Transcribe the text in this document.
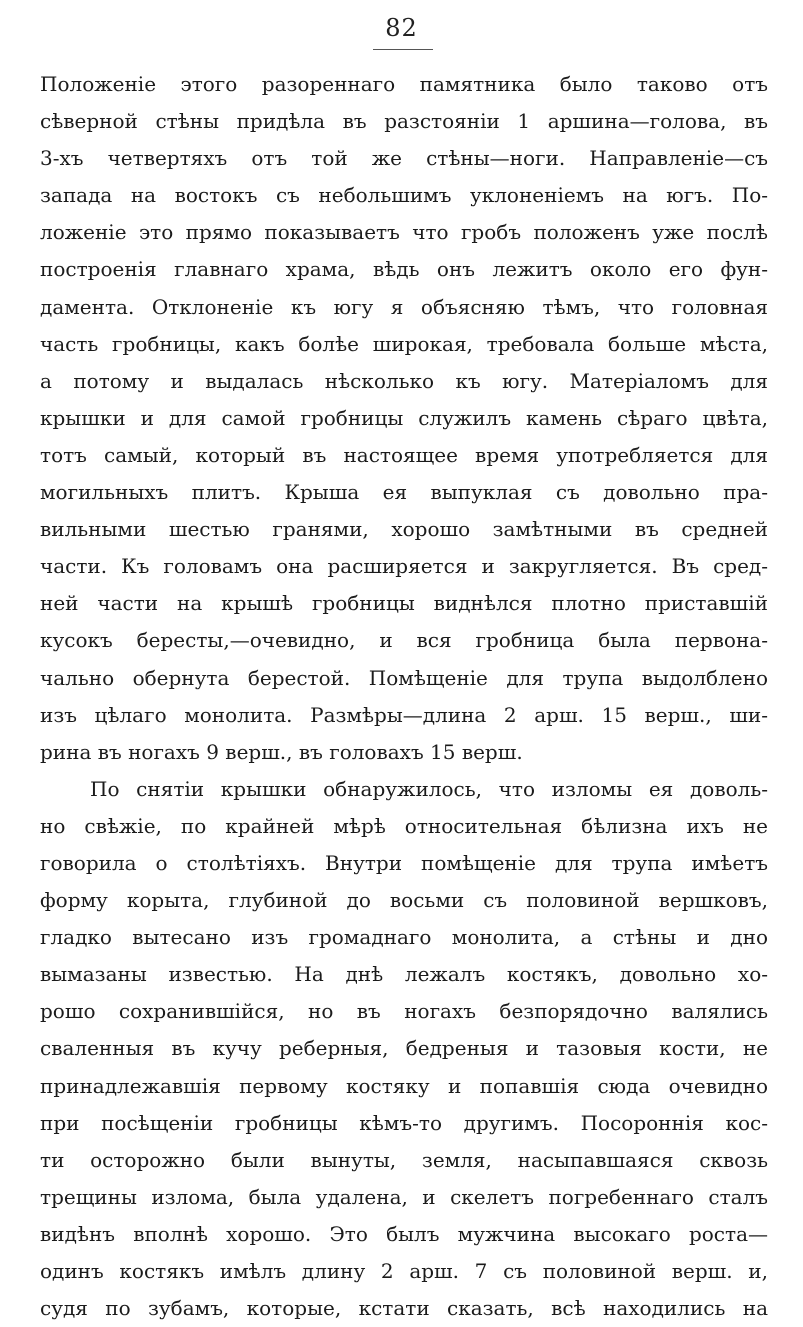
82
Положеніе этого разореннаго памятника было таково отъ
сѣверной стѣны придѣла въ разстояніи 1 аршина—голова, въ
3-хъ четвертяхъ отъ той же стѣны—ноги. Направленіе—съ
запада на востокъ съ небольшимъ уклоненіемъ на югъ. По-
ложеніе это прямо показываетъ что гробъ положенъ уже послѣ
построенія главнаго храма, вѣдь онъ лежитъ около его фун-
дамента. Отклоненіе къ югу я объясняю тѣмъ, что головная
часть гробницы, какъ болѣе широкая, требовала больше мѣста,
а потому и выдалась нѣсколько къ югу. Матеріаломъ для
крышки и для самой гробницы служилъ камень сѣраго цвѣта,
тотъ самый, который въ настоящее время употребляется для
могильныхъ плитъ. Крыша ея выпуклая съ довольно пра-
вильными шестью гранями, хорошо замѣтными въ средней
части. Къ головамъ она расширяется и закругляется. Въ сред-
ней части на крышѣ гробницы виднѣлся плотно приставшій
кусокъ бересты,—очевидно, и вся гробница была первона-
чально обернута берестой. Помѣщеніе для трупа выдолблено
изъ цѣлаго монолита. Размѣры—длина 2 арш. 15 верш., ши-
рина въ ногахъ 9 верш., въ головахъ 15 верш.
По снятіи крышки обнаружилось, что изломы ея доволь-
но свѣжіе, по крайней мѣрѣ относительная бѣлизна ихъ не
говорила о столѣтіяхъ. Внутри помѣщеніе для трупа имѣетъ
форму корыта, глубиной до восьми съ половиной вершковъ,
гладко вытесано изъ громаднаго монолита, а стѣны и дно
вымазаны известью. На днѣ лежалъ костякъ, довольно хо-
рошо сохранившійся, но въ ногахъ безпорядочно валялись
сваленныя въ кучу реберныя, бедреныя и тазовыя кости, не
принадлежавшія первому костяку и попавшія сюда очевидно
при посѣщеніи гробницы кѣмъ-то другимъ. Посороннія кос-
ти осторожно были вынуты, земля, насыпавшаяся сквозь
трещины излома, была удалена, и скелетъ погребеннаго сталъ
видѣнъ вполнѣ хорошо. Это былъ мужчина высокаго роста—
одинъ костякъ имѣлъ длину 2 арш. 7 съ половиной верш. и,
судя по зубамъ, которые, кстати сказать, всѣ находились на
